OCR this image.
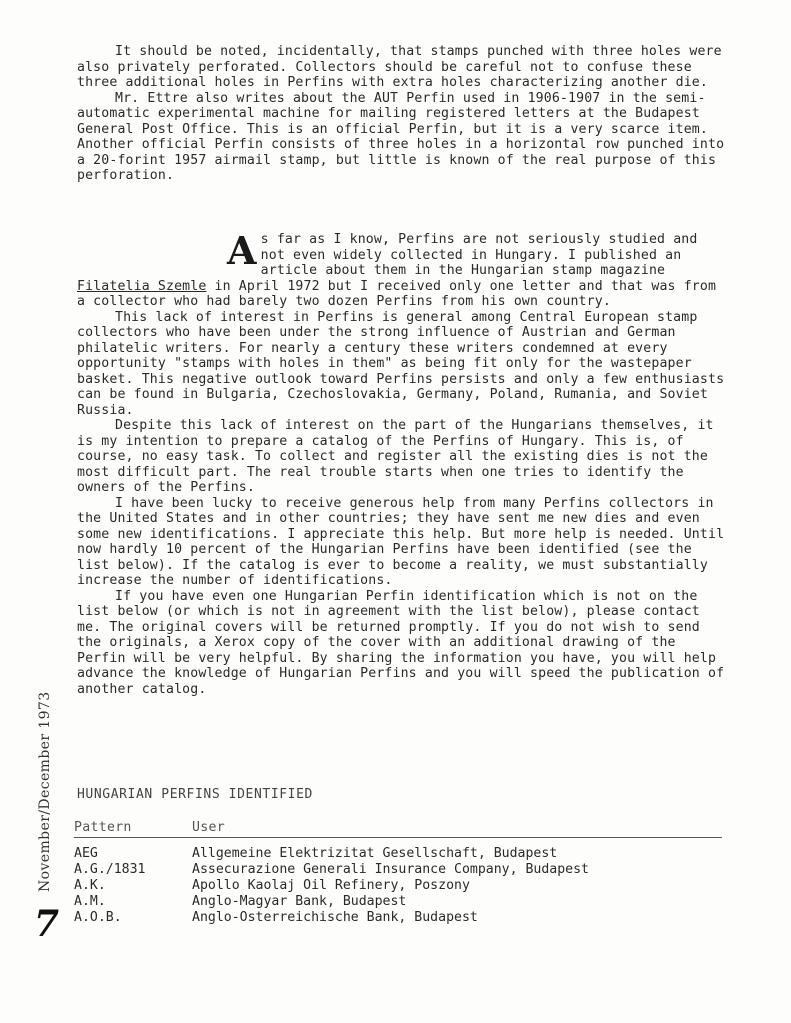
It should be noted, incidentally, that stamps punched with three holes were also privately perforated. Collectors should be careful not to confuse these three additional holes in Perfins with extra holes characterizing another die.

Mr. Ettre also writes about the AUT Perfin used in 1906-1907 in the semi-automatic experimental machine for mailing registered letters at the Budapest General Post Office. This is an official Perfin, but it is a very scarce item. Another official Perfin consists of three holes in a horizontal row punched into a 20-forint 1957 airmail stamp, but little is known of the real purpose of this perforation.

As far as I know, Perfins are not seriously studied and not even widely collected in Hungary. I published an article about them in the Hungarian stamp magazine Filatelia Szemle in April 1972 but I received only one letter and that was from a collector who had barely two dozen Perfins from his own country.

This lack of interest in Perfins is general among Central European stamp collectors who have been under the strong influence of Austrian and German philatelic writers. For nearly a century these writers condemned at every opportunity "stamps with holes in them" as being fit only for the wastepaper basket. This negative outlook toward Perfins persists and only a few enthusiasts can be found in Bulgaria, Czechoslovakia, Germany, Poland, Rumania, and Soviet Russia.

Despite this lack of interest on the part of the Hungarians themselves, it is my intention to prepare a catalog of the Perfins of Hungary. This is, of course, no easy task. To collect and register all the existing dies is not the most difficult part. The real trouble starts when one tries to identify the owners of the Perfins.

I have been lucky to receive generous help from many Perfins collectors in the United States and in other countries; they have sent me new dies and even some new identifications. I appreciate this help. But more help is needed. Until now hardly 10 percent of the Hungarian Perfins have been identified (see the list below). If the catalog is ever to become a reality, we must substantially increase the number of identifications.

If you have even one Hungarian Perfin identification which is not on the list below (or which is not in agreement with the list below), please contact me. The original covers will be returned promptly. If you do not wish to send the originals, a Xerox copy of the cover with an additional drawing of the Perfin will be very helpful. By sharing the information you have, you will help advance the knowledge of Hungarian Perfins and you will speed the publication of another catalog.

HUNGARIAN PERFINS IDENTIFIED
Pattern	User
AEG	Allgemeine Elektrizitat Gesellschaft, Budapest
A.G./1831	Assecurazione Generali Insurance Company, Budapest
A.K.	Apollo Kaolaj Oil Refinery, Poszony
A.M.	Anglo-Magyar Bank, Budapest
A.O.B.	Anglo-Osterreichische Bank, Budapest
November/December 1973
7
